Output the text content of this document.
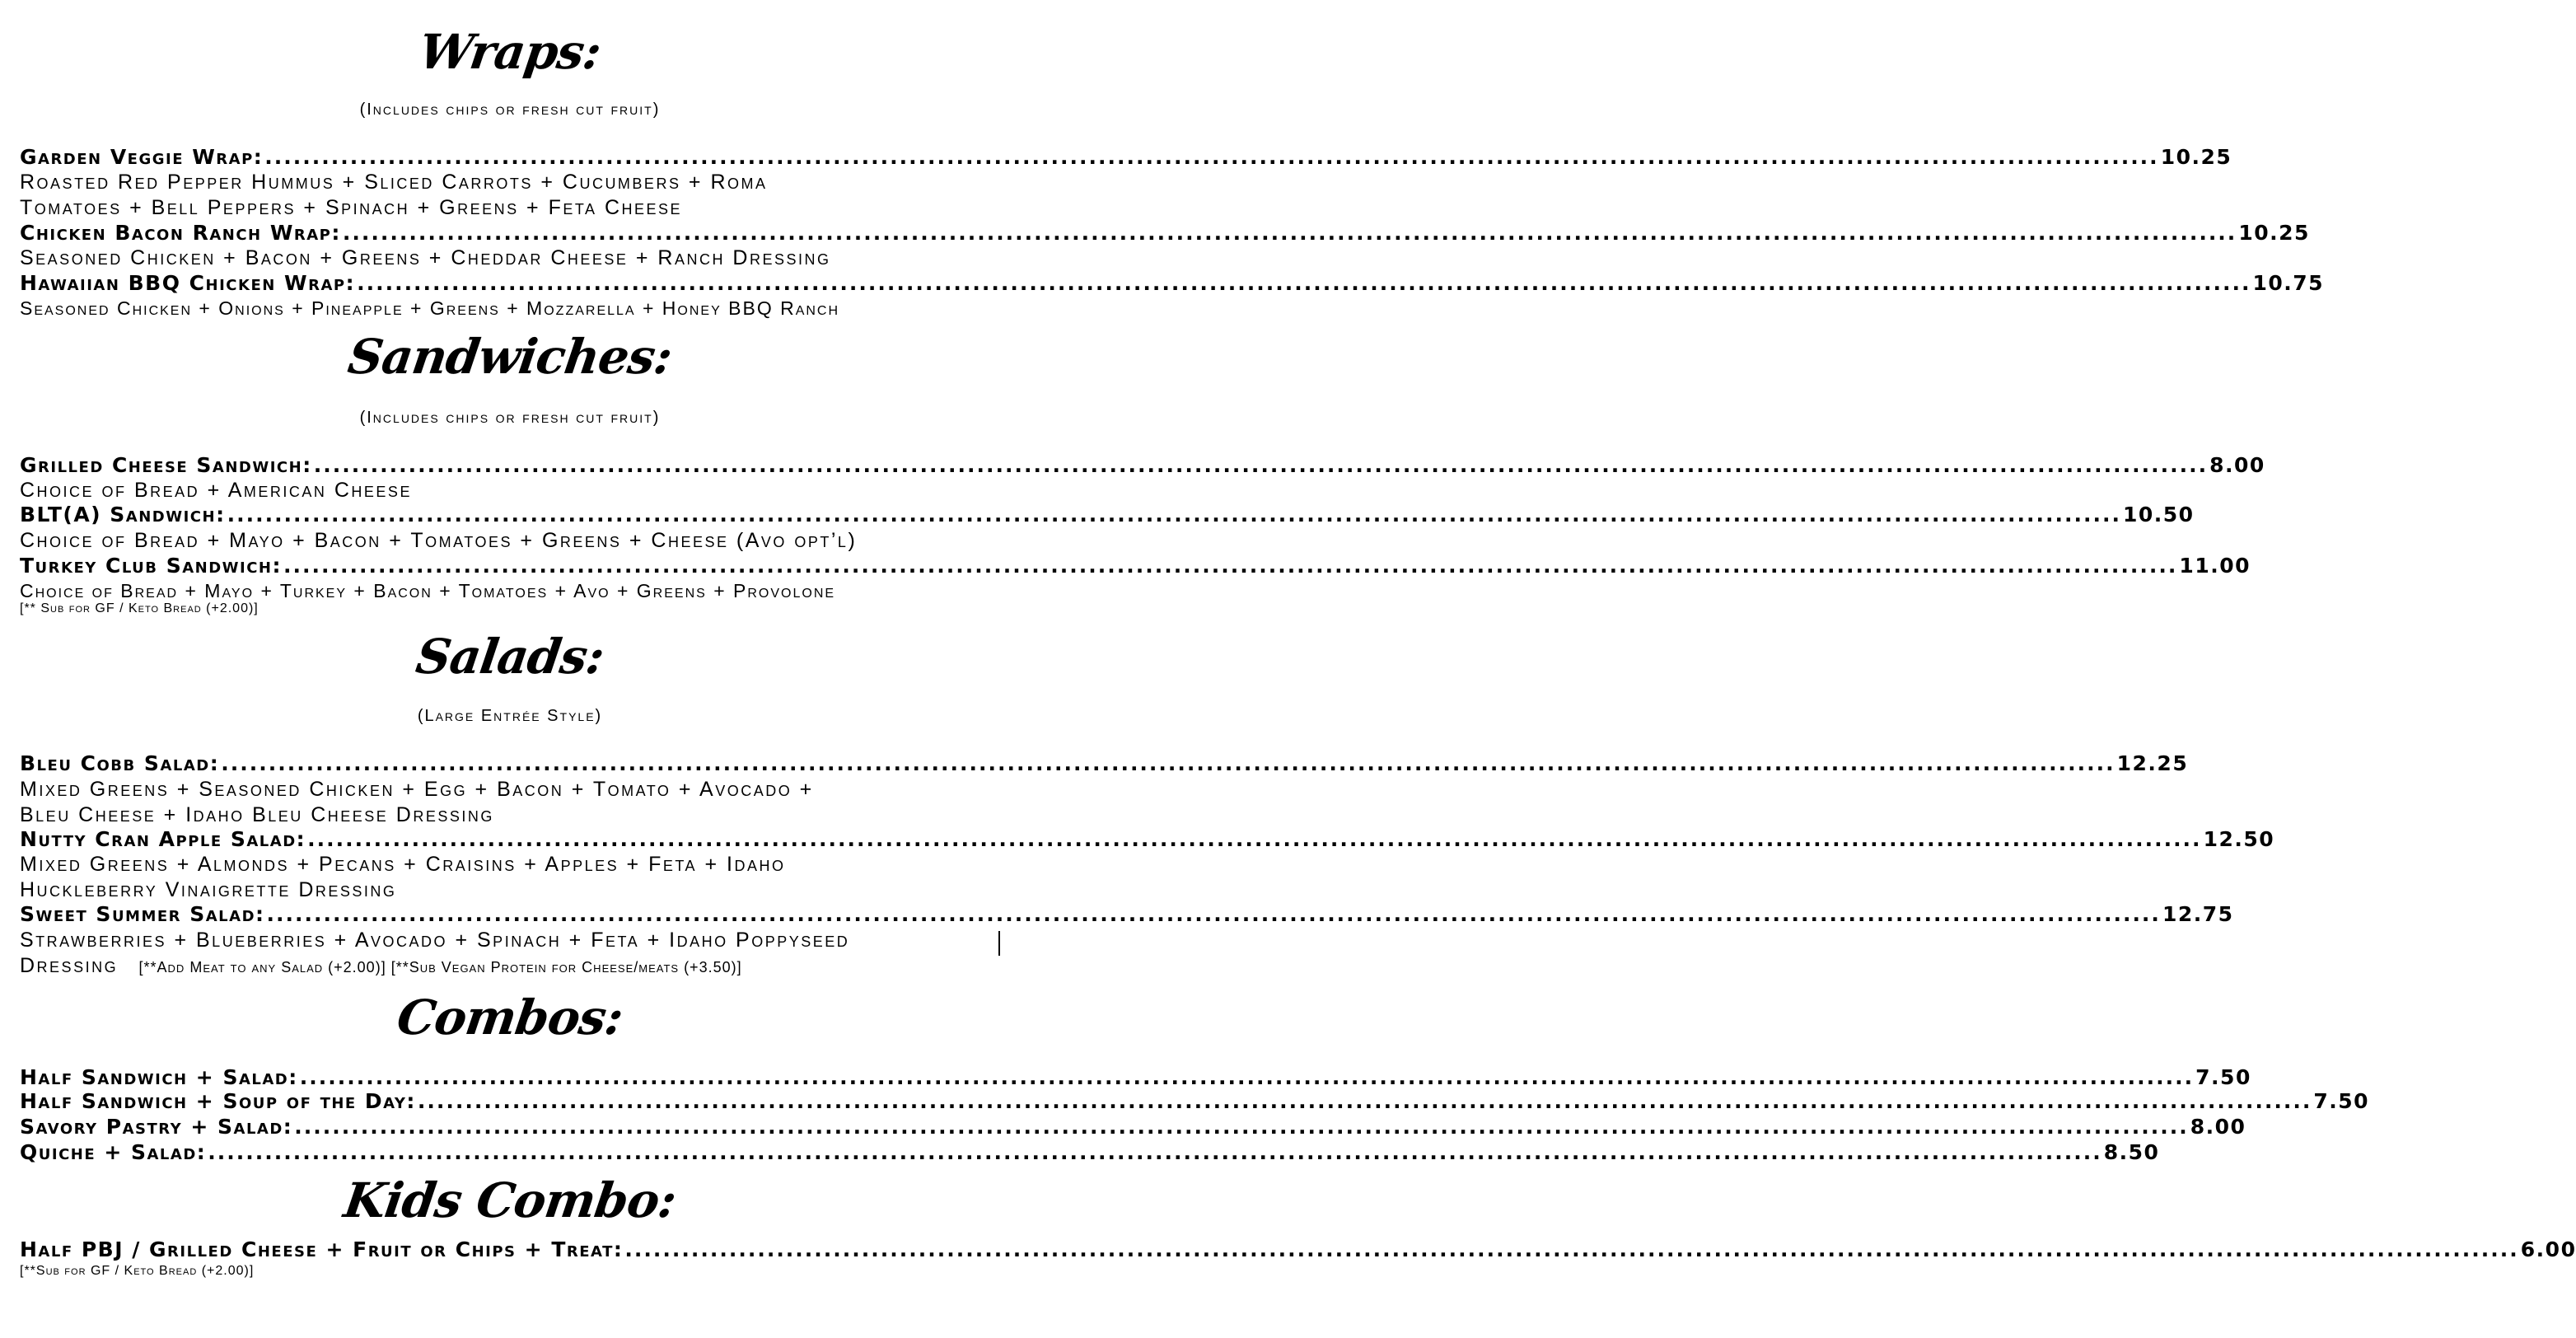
Wraps:
(Includes chips or fresh cut fruit)
Garden Veggie Wrap: ........................................................................................................................................................................................................ 10.25
Roasted Red Pepper Hummus + Sliced Carrots + Cucumbers + Roma
Tomatoes + Bell Peppers + Spinach + Greens + Feta Cheese
Chicken Bacon Ranch Wrap: ........................................................................................................................................................................................................ 10.25
Seasoned Chicken + Bacon + Greens + Cheddar Cheese + Ranch Dressing
Hawaiian BBQ Chicken Wrap: ........................................................................................................................................................................................................ 10.75
Seasoned Chicken + Onions + Pineapple + Greens + Mozzarella + Honey BBQ Ranch
Sandwiches:
(Includes chips or fresh cut fruit)
Grilled Cheese Sandwich: ........................................................................................................................................................................................................ 8.00
Choice of Bread + American Cheese
BLT(A) Sandwich: ........................................................................................................................................................................................................ 10.50
Choice of Bread + Mayo + Bacon + Tomatoes + Greens + Cheese (Avo opt’l)
Turkey Club Sandwich: ........................................................................................................................................................................................................ 11.00
Choice of Bread + Mayo + Turkey + Bacon + Tomatoes + Avo + Greens + Provolone
[** Sub for GF / Keto Bread (+2.00)]
Salads:
(Large Entrée Style)
Bleu Cobb Salad: ........................................................................................................................................................................................................ 12.25
Mixed Greens + Seasoned Chicken + Egg + Bacon + Tomato + Avocado +
Bleu Cheese + Idaho Bleu Cheese Dressing
Nutty Cran Apple Salad: ........................................................................................................................................................................................................ 12.50
Mixed Greens + Almonds + Pecans + Craisins + Apples + Feta + Idaho
Huckleberry Vinaigrette Dressing
Sweet Summer Salad: ........................................................................................................................................................................................................ 12.75
Strawberries + Blueberries + Avocado + Spinach + Feta + Idaho Poppyseed
Dressing [**Add Meat to any Salad (+2.00)] [**Sub Vegan Protein for Cheese/meats (+3.50)]
Combos:
Half Sandwich + Salad: ........................................................................................................................................................................................................ 7.50
Half Sandwich + Soup of the Day: ........................................................................................................................................................................................................ 7.50
Savory Pastry + Salad: ........................................................................................................................................................................................................ 8.00
Quiche + Salad: ........................................................................................................................................................................................................ 8.50
Kids Combo:
Half PBJ / Grilled Cheese + Fruit or Chips + Treat: ........................................................................................................................................................................................................ 6.00
[**Sub for GF / Keto Bread (+2.00)]
